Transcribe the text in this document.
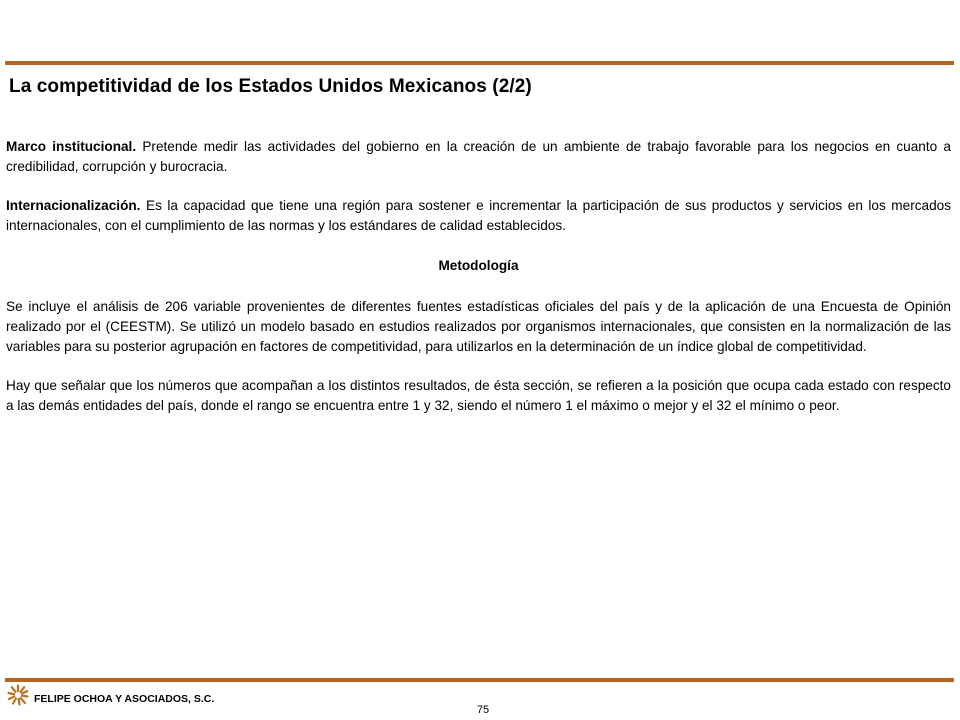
La competitividad de los Estados Unidos Mexicanos (2/2)

Marco institucional. Pretende medir las actividades del gobierno en la creación de un ambiente de trabajo favorable para los negocios en cuanto a credibilidad, corrupción y burocracia.

Internacionalización. Es la capacidad que tiene una región para sostener e incrementar la participación de sus productos y servicios en los mercados internacionales, con el cumplimiento de las normas y los estándares de calidad establecidos.

Metodología

Se incluye el análisis de 206 variable provenientes de diferentes fuentes estadísticas oficiales del país y de la aplicación de una Encuesta de Opinión realizado por el (CEESTM). Se utilizó un modelo basado en estudios realizados por organismos internacionales, que consisten en la normalización de las variables para su posterior agrupación en factores de competitividad, para utilizarlos en la determinación de un índice global de competitividad.

Hay que señalar que los números que acompañan a los distintos resultados, de ésta sección, se refieren a la posición que ocupa cada estado con respecto a las demás entidades del país, donde el rango se encuentra entre 1 y 32, siendo el número 1 el máximo o mejor y el 32 el mínimo o peor.

FELIPE OCHOA Y ASOCIADOS, S.C.
75
